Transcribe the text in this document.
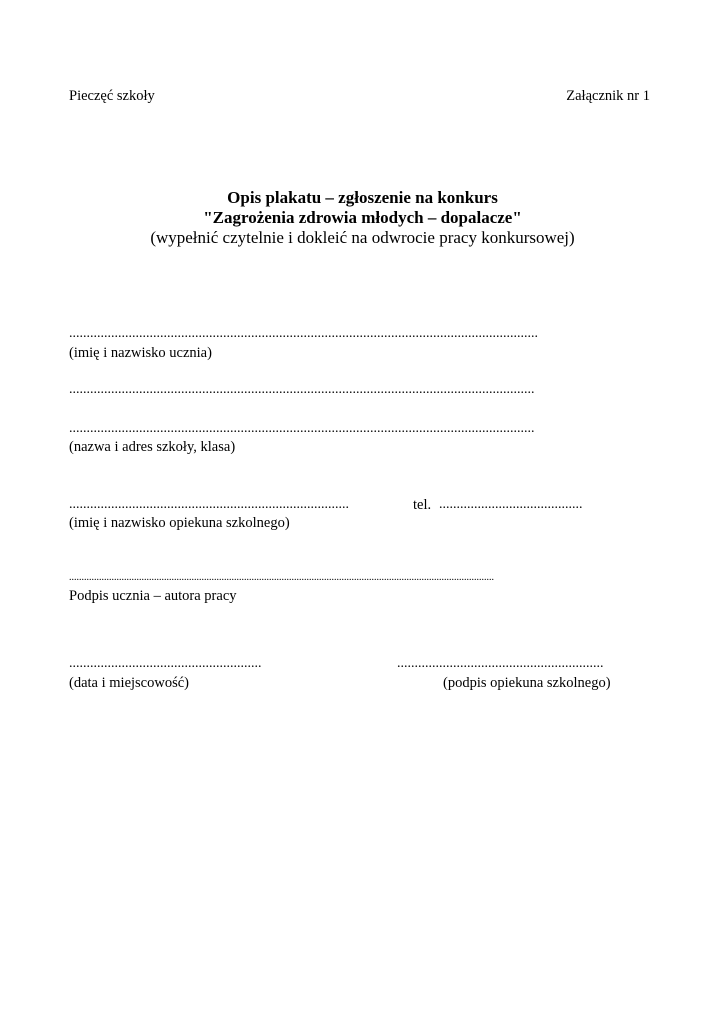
Pieczęć szkoły	Załącznik nr 1
Opis plakatu – zgłoszenie na konkurs
"Zagrożenia zdrowia młodych – dopalacze"
(wypełnić czytelnie i dokleić na odwrocie pracy konkursowej)
......................................................................................................................................
(imię i nazwisko ucznia)
.....................................................................................................................................
.....................................................................................................................................
(nazwa i adres szkoły, klasa)
................................................................................	tel. .........................................
(imię i nazwisko opiekuna szkolnego)
..........................................................................................................................................................................
Podpis ucznia – autora pracy
.......................................................
(data i miejscowość)
...........................................................
(podpis opiekuna szkolnego)
